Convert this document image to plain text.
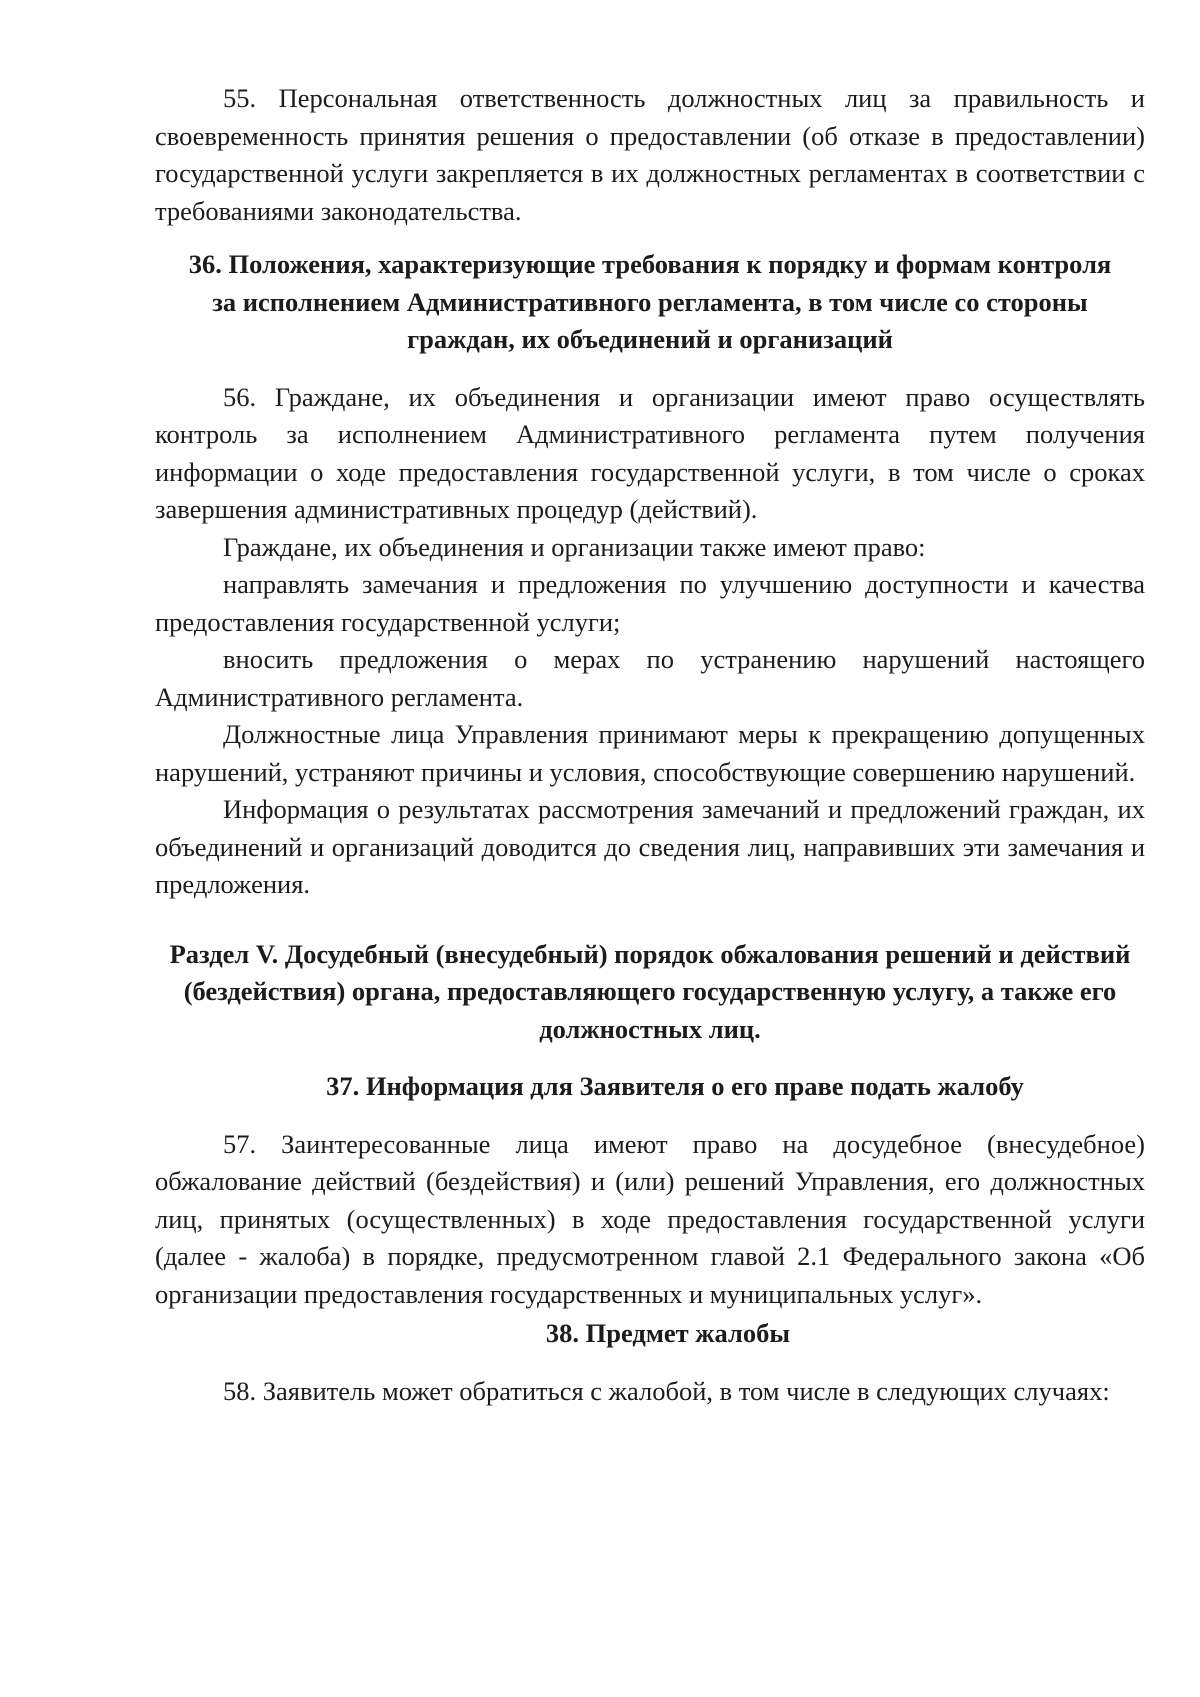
55. Персональная ответственность должностных лиц за правильность и своевременность принятия решения о предоставлении (об отказе в предоставлении) государственной услуги закрепляется в их должностных регламентах в соответствии с требованиями законодательства.

36. Положения, характеризующие требования к порядку и формам контроля за исполнением Административного регламента, в том числе со стороны граждан, их объединений и организаций

56. Граждане, их объединения и организации имеют право осуществлять контроль за исполнением Административного регламента путем получения информации о ходе предоставления государственной услуги, в том числе о сроках завершения административных процедур (действий).

Граждане, их объединения и организации также имеют право:

направлять замечания и предложения по улучшению доступности и качества предоставления государственной услуги;

вносить предложения о мерах по устранению нарушений настоящего Административного регламента.

Должностные лица Управления принимают меры к прекращению допущенных нарушений, устраняют причины и условия, способствующие совершению нарушений.

Информация о результатах рассмотрения замечаний и предложений граждан, их объединений и организаций доводится до сведения лиц, направивших эти замечания и предложения.

Раздел V. Досудебный (внесудебный) порядок обжалования решений и действий (бездействия) органа, предоставляющего государственную услугу, а также его должностных лиц.
37. Информация для Заявителя о его праве подать жалобу

57. Заинтересованные лица имеют право на досудебное (внесудебное) обжалование действий (бездействия) и (или) решений Управления, его должностных лиц, принятых (осуществленных) в ходе предоставления государственной услуги (далее - жалоба) в порядке, предусмотренном главой 2.1 Федерального закона «Об организации предоставления государственных и муниципальных услуг».

38. Предмет жалобы

58. Заявитель может обратиться с жалобой, в том числе в следующих случаях:
